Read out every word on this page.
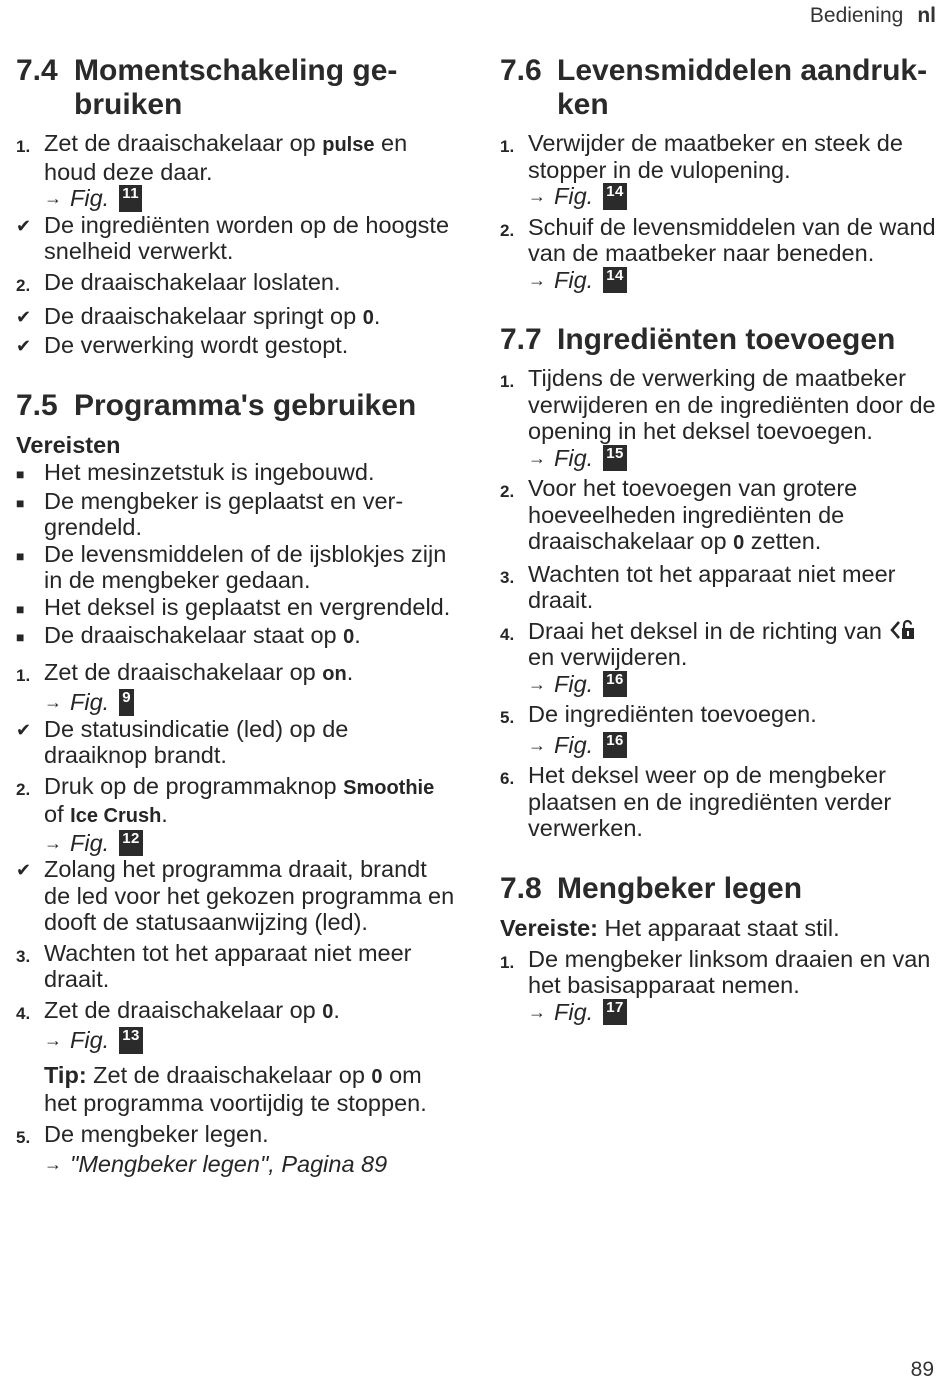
Bediening nl
7.4 Momentschakeling gebruiken
1. Zet de draaischakelaar op pulse en houd deze daar.
→ Fig. 11
✔ De ingrediënten worden op de hoogste snelheid verwerkt.
2. De draaischakelaar loslaten.
✔ De draaischakelaar springt op 0.
✔ De verwerking wordt gestopt.
7.5 Programma's gebruiken
Vereisten
■ Het mesinzetstuk is ingebouwd.
■ De mengbeker is geplaatst en vergrendeld.
■ De levensmiddelen of de ijsblokjes zijn in de mengbeker gedaan.
■ Het deksel is geplaatst en vergrendeld.
■ De draaischakelaar staat op 0.
1. Zet de draaischakelaar op on.
→ Fig. 9
✔ De statusindicatie (led) op de draaiknop brandt.
2. Druk op de programmaknop Smoothie of Ice Crush.
→ Fig. 12
✔ Zolang het programma draait, brandt de led voor het gekozen programma en dooft de statusaanwijzing (led).
3. Wachten tot het apparaat niet meer draait.
4. Zet de draaischakelaar op 0.
→ Fig. 13
Tip: Zet de draaischakelaar op 0 om het programma voortijdig te stoppen.
5. De mengbeker legen.
→ "Mengbeker legen", Pagina 89
7.6 Levensmiddelen aandrukken
1. Verwijder de maatbeker en steek de stopper in de vulopening.
→ Fig. 14
2. Schuif de levensmiddelen van de wand van de maatbeker naar beneden.
→ Fig. 14
7.7 Ingrediënten toevoegen
1. Tijdens de verwerking de maatbeker verwijderen en de ingrediënten door de opening in het deksel toevoegen.
→ Fig. 15
2. Voor het toevoegen van grotere hoeveelheden ingrediënten de draaischakelaar op 0 zetten.
3. Wachten tot het apparaat niet meer draait.
4. Draai het deksel in de richting van  en verwijderen.
→ Fig. 16
5. De ingrediënten toevoegen.
→ Fig. 16
6. Het deksel weer op de mengbeker plaatsen en de ingrediënten verder verwerken.
7.8 Mengbeker legen
Vereiste: Het apparaat staat stil.
1. De mengbeker linksom draaien en van het basisapparaat nemen.
→ Fig. 17
89
